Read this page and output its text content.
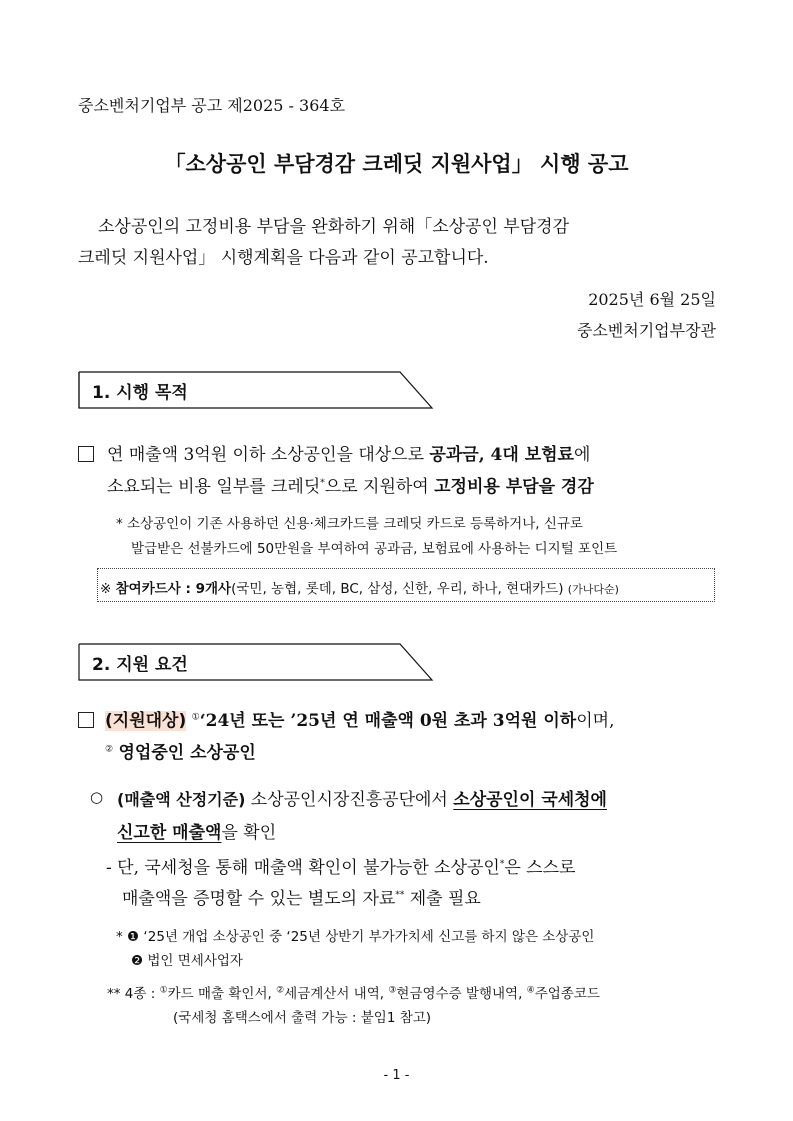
중소벤처기업부 공고 제2025 - 364호
「소상공인 부담경감 크레딧 지원사업」 시행 공고
소상공인의 고정비용 부담을 완화하기 위해「소상공인 부담경감
크레딧 지원사업」 시행계획을 다음과 같이 공고합니다.
2025년 6월 25일
중소벤처기업부장관
1. 시행 목적
연 매출액 3억원 이하 소상공인을 대상으로 공과금, 4대 보험료에
소요되는 비용 일부를 크레딧*으로 지원하여 고정비용 부담을 경감
* 소상공인이 기존 사용하던 신용·체크카드를 크레딧 카드로 등록하거나, 신규로
발급받은 선불카드에 50만원을 부여하여 공과금, 보험료에 사용하는 디지털 포인트
※ 참여카드사 : 9개사(국민, 농협, 롯데, BC, 삼성, 신한, 우리, 하나, 현대카드) (가나다순)
2. 지원 요건
(지원대상) ①‘24년 또는 ’25년 연 매출액 0원 초과 3억원 이하이며,
② 영업중인 소상공인
○ (매출액 산정기준) 소상공인시장진흥공단에서 소상공인이 국세청에
신고한 매출액을 확인
- 단, 국세청을 통해 매출액 확인이 불가능한 소상공인*은 스스로
매출액을 증명할 수 있는 별도의 자료** 제출 필요
* ❶ ‘25년 개업 소상공인 중 ‘25년 상반기 부가가치세 신고를 하지 않은 소상공인
❷ 법인 면세사업자
** 4종 : ①카드 매출 확인서, ②세금계산서 내역, ③현금영수증 발행내역, ④주업종코드
(국세청 홈택스에서 출력 가능 : 붙임1 참고)
- 1 -
